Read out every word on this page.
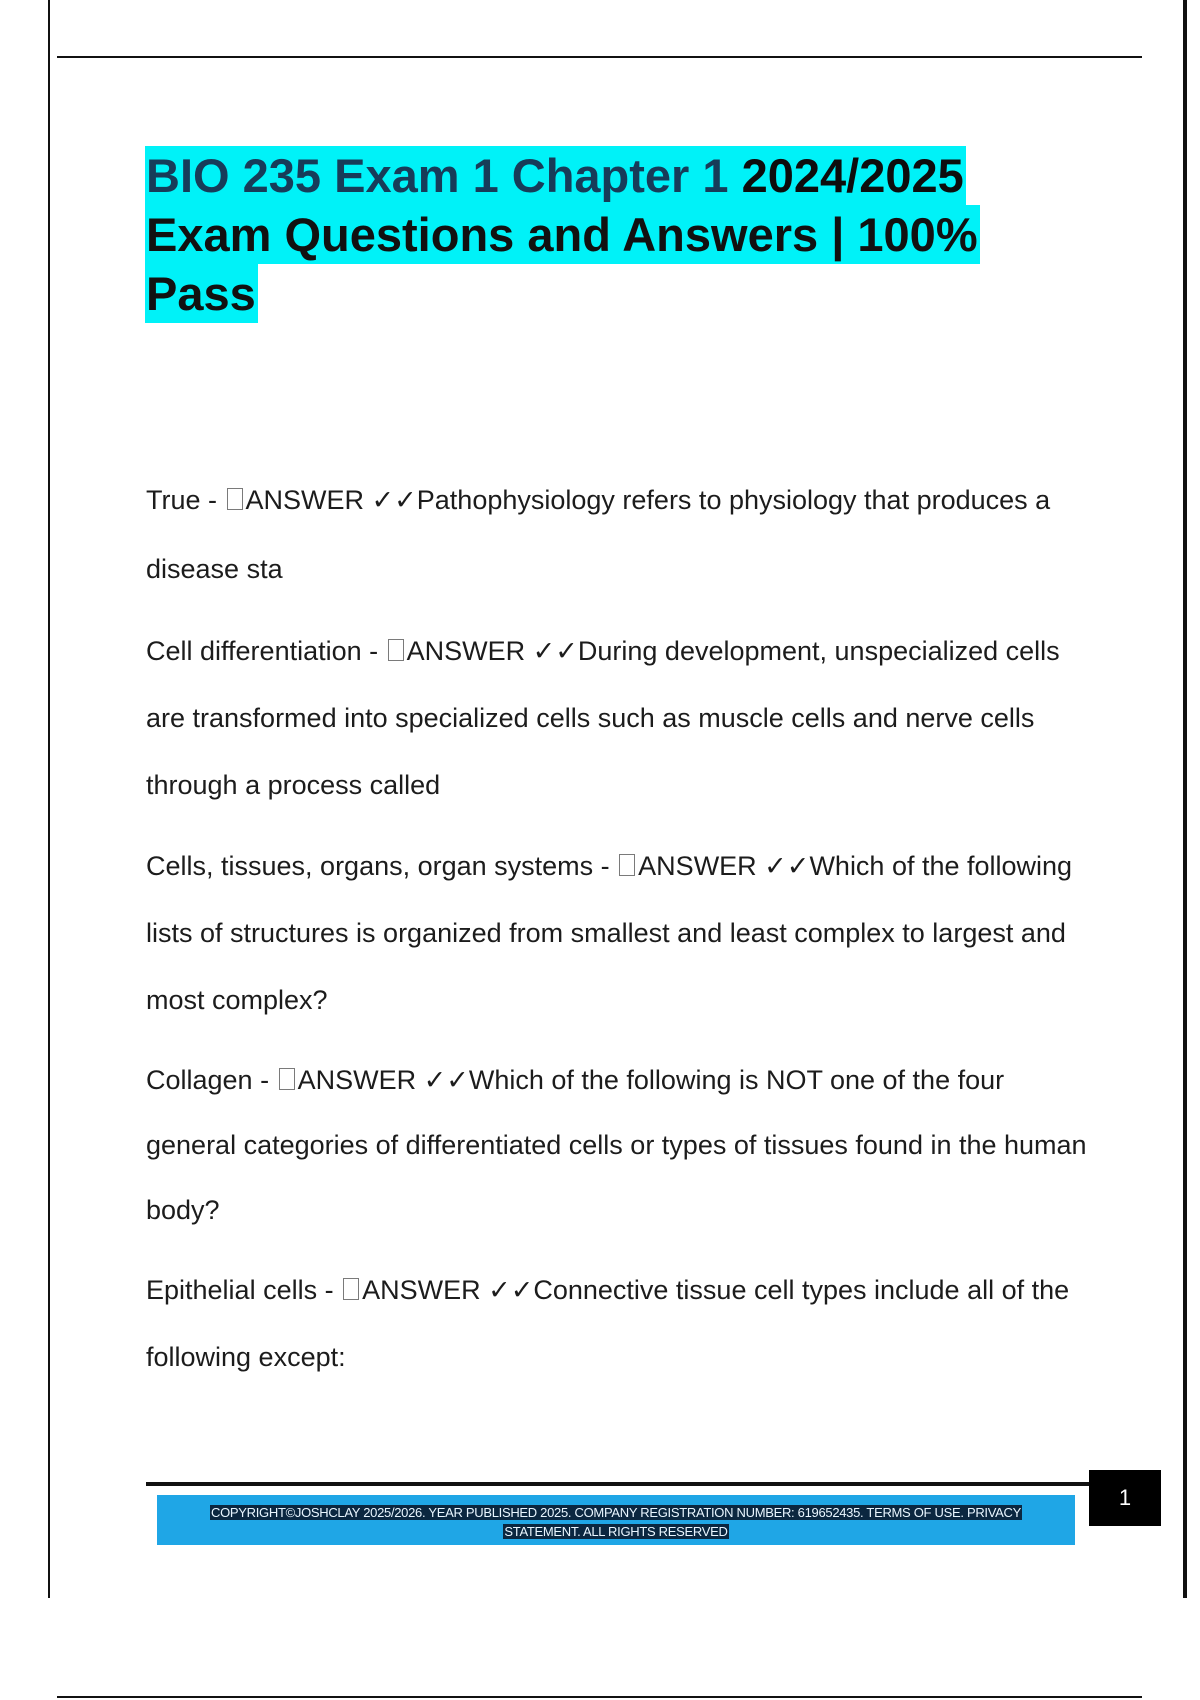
BIO 235 Exam 1 Chapter 1 2024/2025
Exam Questions and Answers | 100%
Pass
True - ANSWER ✓✓Pathophysiology refers to physiology that produces a disease sta
Cell differentiation - ANSWER ✓✓During development, unspecialized cells are transformed into specialized cells such as muscle cells and nerve cells through a process called
Cells, tissues, organs, organ systems - ANSWER ✓✓Which of the following lists of structures is organized from smallest and least complex to largest and most complex?
Collagen - ANSWER ✓✓Which of the following is NOT one of the four general categories of differentiated cells or types of tissues found in the human body?
Epithelial cells - ANSWER ✓✓Connective tissue cell types include all of the following except:
1

COPYRIGHT©JOSHCLAY 2025/2026. YEAR PUBLISHED 2025. COMPANY REGISTRATION NUMBER: 619652435. TERMS OF USE. PRIVACY
STATEMENT. ALL RIGHTS RESERVED
